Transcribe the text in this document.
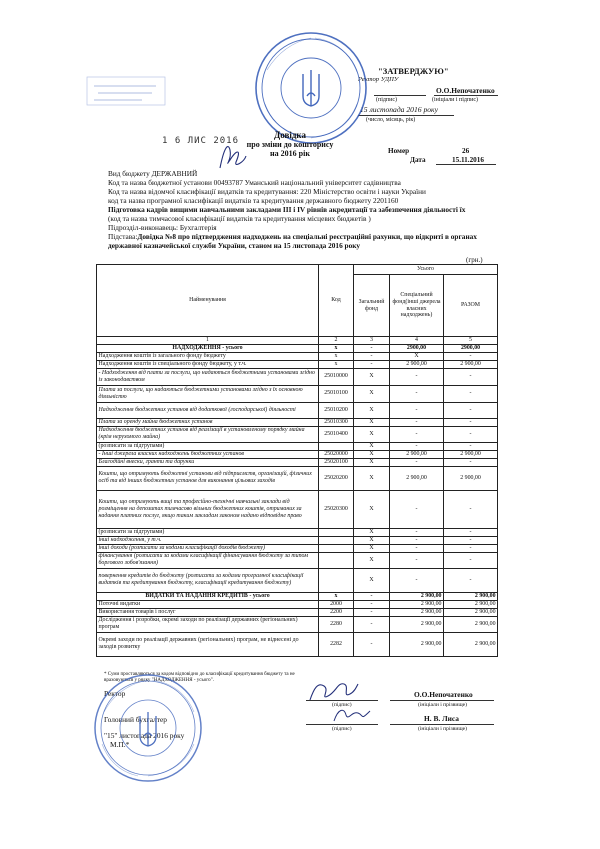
"ЗАТВЕРДЖУЮ"
Ректор УДПУ
О.О.Непочатенко
(підпис)	(ініціали і підпис)
15 листопада 2016 року
(число, місяць, рік)
1 6 ЛИС 2016
Довідка
про зміни до кошторису
на 2016 рік	Номер	26
Дата	15.11.2016
Вид бюджету ДЕРЖАВНИЙ
Код та назва бюджетної установи 00493787 Уманський національний університет садівництва
Код та назва відомчої класифікації видатків та кредитування: 220 Міністерство освіти і науки України
код та назва програмної класифікації видатків та кредитування державного бюджету 2201160
Підготовка кадрів вищими навчальними закладами ІІІ і ІV рівнів акредитації та забезпечення діяльності їх
(код та назва тимчасової класифікації видатків та кредитування місцевих бюджетів )
Підрозділ-виконавець: Бухгалтерія
Підстава:Довідка №8 про підтвердження надходжень на спеціальні реєстраційні рахунки, що відкриті в органах
державної казначейської служби України, станом на 15 листопада 2016 року
(грн.)
Найменування	Код	Усього		
		Загальний фонд	Спеціальний фонд(інші джерела власних надходжень)	РАЗОМ
1	2	3	4	5
НАДХОДЖЕННЯ - усього	х	-	2900,00	2900,00
Надходження коштів із загального фонду бюджету	х	-	Х	-
Надходження коштів із спеціального фонду бюджету, у т.ч.	х	-	2 900,00	2 900,00
- Надходження від плати за послуги, що надаються бюджетними установами згідно із законодавством	25010000	Х	-	-
Плата за послуги, що надаються бюджетними установами згідно з їх основною діяльністю	25010100	Х	-	-
Надходження бюджетних установ від додаткової (господарської) діяльності	25010200	Х	-	-
Плата за оренду майна бюджетних установ	25010300	Х	-	-
Надходження бюджетних установ від реалізації в установленому порядку майна (крім нерухомого майна)	25010400	Х	-	-
(розписати за підгрупами)		Х	-	-
- Інші джерела власних надходжень бюджетних установ	25020000	Х	2 900,00	2 900,00
Благодійні внески, гранти та дарунки	25020100	Х	-	-
Кошти, що отримують бюджетні установи від підприємств, організацій, фізичних осіб та від інших бюджетних установ для виконання цільових заходів	25020200	Х	2 900,00	2 900,00
Кошти, що отримують вищі та професійно-технічні навчальні заклади від розміщення на депозитах тимчасово вільних бюджетних коштів, отриманих за надання платних послуг, якщо таким закладам законом надано відповідне право	25020300	Х	-	-
(розписати за підгрупами)		Х	-	-
інші надходження, у т.ч.		Х	-	-
інші доходи (розписати за кодами класифікації доходів бюджету)		Х	-	-
фінансування (розписати за кодами класифікації фінансування бюджету за типом боргового зобов'язання)		Х	-	-
повернення кредитів до бюджету (розписати за кодами програмної класифікації видатків та кредитування бюджету, класифікації кредитування бюджету)		Х	-	-
ВИДАТКИ ТА НАДАННЯ КРЕДИТІВ - усього	х	-	2 900,00	2 900,00
Поточні видатки	2000	-	2 900,00	2 900,00
Використання товарів і послуг	2200	-	2 900,00	2 900,00
Дослідження і розробки, окремі заходи по реалізації державних (регіональних) програм	2280	-	2 900,00	2 900,00
Окремі заходи по реалізації державних (регіональних) програм, не віднесені до заходів розвитку	2282	-	2 900,00	2 900,00
* Суми проставляються за кодом відповідно до класифікації кредитування бюджету та не
враховуються у рядку "НАДХОДЖЕННЯ - усього".
Ректор	О.О.Непочатенко
(підпис)	(ініціали і прізвище)
Головний бухгалтер	Н. В. Лиса
(підпис)	(ініціали і прізвище)
"15" листопада 2016 року
М.П.*
